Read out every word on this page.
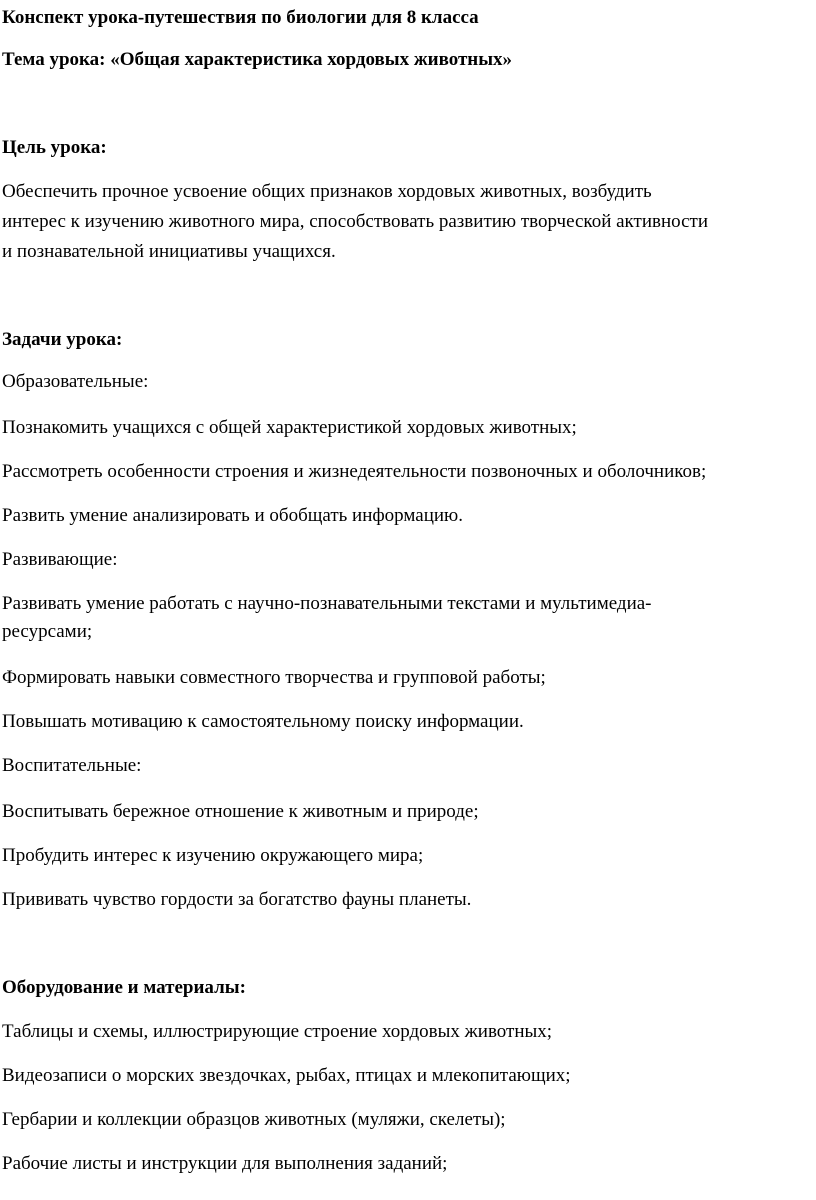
Конспект урока-путешествия по биологии для 8 класса

Тема урока: «Общая характеристика хордовых животных»

Цель урока:

Обеспечить прочное усвоение общих признаков хордовых животных, возбудить

интерес к изучению животного мира, способствовать развитию творческой активности

и познавательной инициативы учащихся.

Задачи урока:

Образовательные:

Познакомить учащихся с общей характеристикой хордовых животных;

Рассмотреть особенности строения и жизнедеятельности позвоночных и оболочников;

Развить умение анализировать и обобщать информацию.

Развивающие:

Развивать умение работать с научно-познавательными текстами и мультимедиа-

ресурсами;

Формировать навыки совместного творчества и групповой работы;

Повышать мотивацию к самостоятельному поиску информации.

Воспитательные:

Воспитывать бережное отношение к животным и природе;

Пробудить интерес к изучению окружающего мира;

Прививать чувство гордости за богатство фауны планеты.

Оборудование и материалы:

Таблицы и схемы, иллюстрирующие строение хордовых животных;

Видеозаписи о морских звездочках, рыбах, птицах и млекопитающих;

Гербарии и коллекции образцов животных (муляжи, скелеты);

Рабочие листы и инструкции для выполнения заданий;
